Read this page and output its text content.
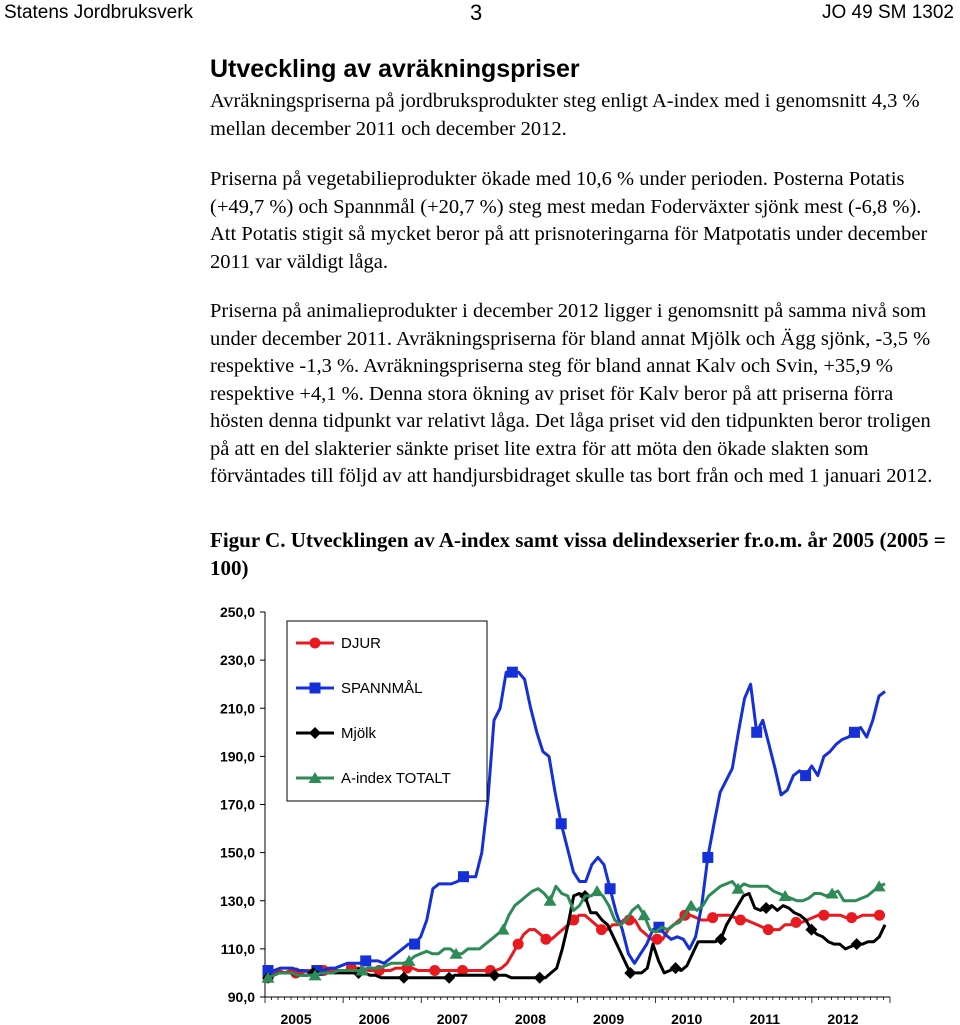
Statens Jordbruksverk	3	JO 49 SM 1302
Utveckling av avräkningspriser

Avräkningspriserna på jordbruksprodukter steg enligt A-index med i genomsnitt 4,3 % mellan december 2011 och december 2012.

Priserna på vegetabilieprodukter ökade med 10,6 % under perioden. Posterna Potatis (+49,7 %) och Spannmål (+20,7 %) steg mest medan Foderväxter sjönk mest (-6,8 %). Att Potatis stigit så mycket beror på att prisnoteringarna för Matpotatis under december 2011 var väldigt låga.

Priserna på animalieprodukter i december 2012 ligger i genomsnitt på samma nivå som under december 2011. Avräkningspriserna för bland annat Mjölk och Ägg sjönk, -3,5 % respektive -1,3 %. Avräkningspriserna steg för bland annat Kalv och Svin, +35,9 % respektive +4,1 %. Denna stora ökning av priset för Kalv beror på att priserna förra hösten denna tidpunkt var relativt låga. Det låga priset vid den tidpunkten beror troligen på att en del slakterier sänkte priset lite extra för att möta den ökade slakten som förväntades till följd av att handjursbidraget skulle tas bort från och med 1 januari 2012.

Figur C. Utvecklingen av A-index samt vissa delindexserier fr.o.m. år 2005 (2005 = 100)

90,0
110,0
130,0
150,0
170,0
190,0
210,0
230,0
250,0
2005	2006	2007	2008	2009	2010	2011	2012
DJUR
SPANNMÅL
Mjölk
A-index TOTALT
